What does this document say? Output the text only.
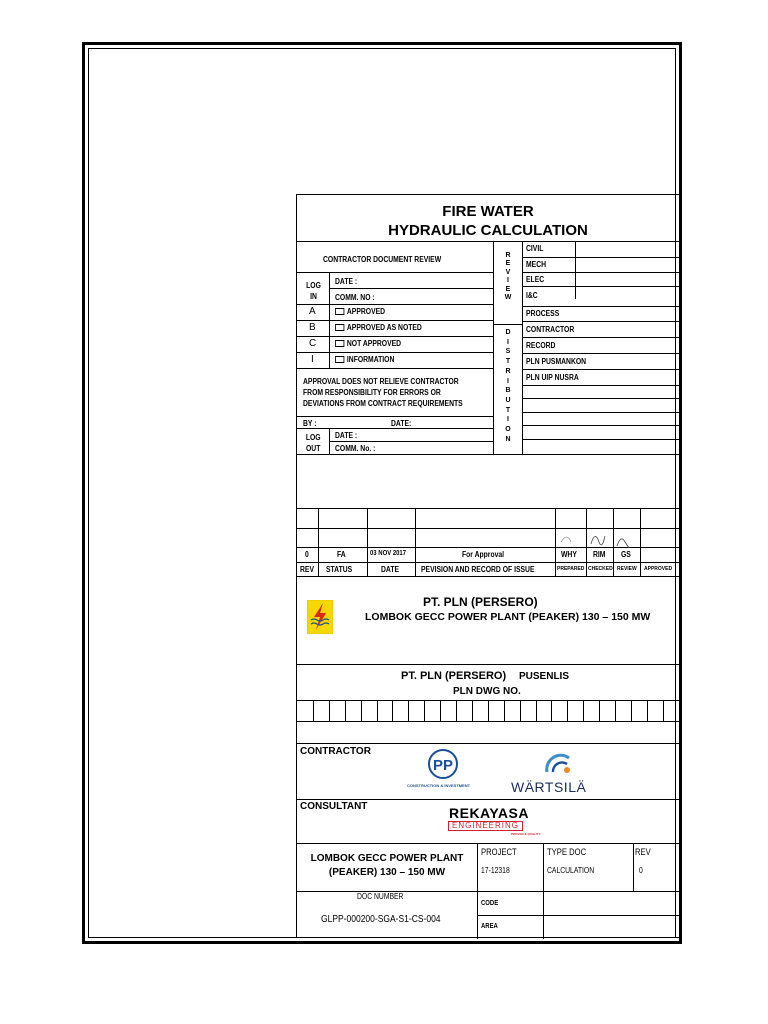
FIRE WATER
HYDRAULIC CALCULATION
CONTRACTOR DOCUMENT REVIEW
LOG
IN
DATE :
COMM. NO :
A	APPROVED
B	APPROVED AS NOTED
C	NOT APPROVED
I	INFORMATION
APPROVAL DOES NOT RELIEVE CONTRACTOR
FROM RESPONSIBILITY FOR ERRORS OR
DEVIATIONS FROM CONTRACT REQUIREMENTS
BY :	DATE:
LOG
OUT
DATE :
COMM. No. :
R
E
V
I
E
W
D
I
S
T
R
I
B
U
T
I
O
N
CIVIL
MECH
ELEC
I&C
PROCESS
CONTRACTOR
RECORD
PLN PUSMANKON
PLN UIP NUSRA
0	FA	03 NOV 2017	For Approval	WHY RIM GS
REV STATUS	DATE	PEVISION AND RECORD OF ISSUE	PREPARED CHECKED REVIEW APPROVED
PT. PLN (PERSERO)
LOMBOK GECC POWER PLANT (PEAKER) 130 – 150 MW
PT. PLN (PERSERO) PUSENLIS
PLN DWG NO.
CONTRACTOR
PP
CONSTRUCTION & INVESTMENT	WÄRTSILÄ
CONSULTANT	REKAYASA
ENGINEERING
PROVEN & QUALITY
LOMBOK GECC POWER PLANT
(PEAKER) 130 – 150 MW
PROJECT
17-12318
TYPE DOC
CALCULATION
REV
0
DOC NUMBER
GLPP-000200-SGA-S1-CS-004
CODE
AREA
